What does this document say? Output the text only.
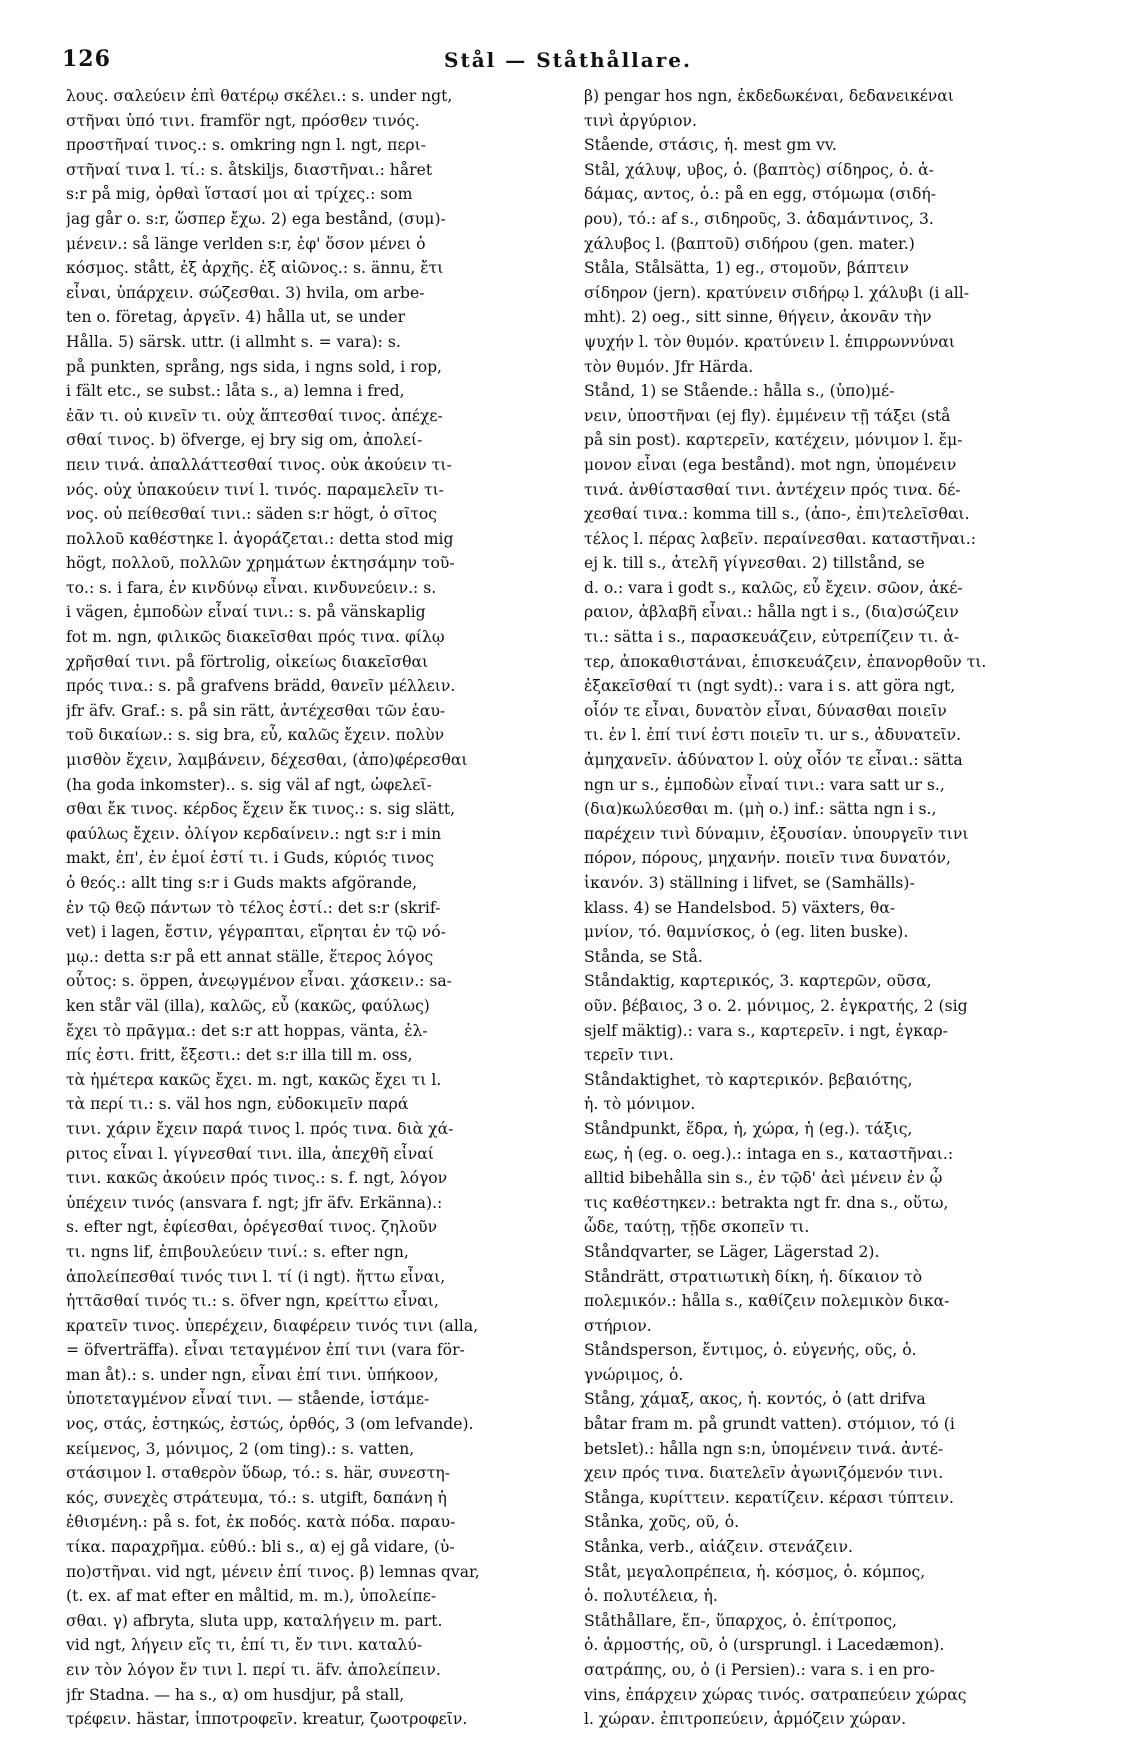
126	Stål — Ståthållare.
λους. σαλεύειν ἐπὶ θατέρῳ σκέλει.: s. under ngt,
στῆναι ὑπό τινι. framför ngt, πρόσθεν τινός.
προστῆναί τινος.: s. omkring ngn l. ngt, περι-
στῆναί τινα l. τί.: s. åtskiljs, διαστῆναι.: håret
s:r på mig, ὀρθαὶ ἵστασί μοι αἱ τρίχες.: som
jag går o. s:r, ὥσπερ ἔχω. 2) ega bestånd, (συμ)-
μένειν.: så länge verlden s:r, ἐφ' ὅσον μένει ὁ
κόσμος. stått, ἐξ ἀρχῆς. ἐξ αἰῶνος.: s. ännu, ἔτι
εἶναι, ὑπάρχειν. σώζεσθαι. 3) hvila, om arbe-
ten o. företag, ἀργεῖν. 4) hålla ut, se under
Hålla. 5) särsk. uttr. (i allmht s. = vara): s.
på punkten, språng, ngs sida, i ngns sold, i rop,
i fält etc., se subst.: låta s., a) lemna i fred,
ἐᾶν τι. οὐ κινεῖν τι. οὐχ ἅπτεσθαί τινος. ἀπέχε-
σθαί τινος. b) öfverge, ej bry sig om, ἀπολεί-
πειν τινά. ἀπαλλάττεσθαί τινος. οὐκ ἀκούειν τι-
νός. οὐχ ὑπακούειν τινί l. τινός. παραμελεῖν τι-
νος. οὐ πείθεσθαί τινι.: säden s:r högt, ὁ σῖτος
πολλοῦ καθέστηκε l. ἀγοράζεται.: detta stod mig
högt, πολλοῦ, πολλῶν χρημάτων ἐκτησάμην τοῦ-
το.: s. i fara, ἐν κινδύνῳ εἶναι. κινδυνεύειν.: s.
i vägen, ἐμποδὼν εἶναί τινι.: s. på vänskaplig
fot m. ngn, φιλικῶς διακεῖσθαι πρός τινα. φίλῳ
χρῆσθαί τινι. på förtrolig, οἰκείως διακεῖσθαι
πρός τινα.: s. på grafvens brädd, θανεῖν μέλλειν.
jfr äfv. Graf.: s. på sin rätt, ἀντέχεσθαι τῶν ἑαυ-
τοῦ δικαίων.: s. sig bra, εὖ, καλῶς ἔχειν. πολὺν
μισθὸν ἔχειν, λαμβάνειν, δέχεσθαι, (ἀπο)φέρεσθαι
(ha goda inkomster).. s. sig väl af ngt, ὠφελεῖ-
σθαι ἔκ τινος. κέρδος ἔχειν ἔκ τινος.: s. sig slätt,
φαύλως ἔχειν. ὀλίγον κερδαίνειν.: ngt s:r i min
makt, ἐπ', ἐν ἐμοί ἐστί τι. i Guds, κύριός τινος
ὁ θεός.: allt ting s:r i Guds makts afgörande,
ἐν τῷ θεῷ πάντων τὸ τέλος ἐστί.: det s:r (skrif-
vet) i lagen, ἔστιν, γέγραπται, εἴρηται ἐν τῷ νό-
μῳ.: detta s:r på ett annat ställe, ἕτερος λόγος
οὗτος: s. öppen, ἀνεῳγμένον εἶναι. χάσκειν.: sa-
ken står väl (illa), καλῶς, εὖ (κακῶς, φαύλως)
ἔχει τὸ πρᾶγμα.: det s:r att hoppas, vänta, ἐλ-
πίς ἐστι. fritt, ἔξεστι.: det s:r illa till m. oss,
τὰ ἡμέτερα κακῶς ἔχει. m. ngt, κακῶς ἔχει τι l.
τὰ περί τι.: s. väl hos ngn, εὐδοκιμεῖν παρά
τινι. χάριν ἔχειν παρά τινος l. πρός τινα. διὰ χά-
ριτος εἶναι l. γίγνεσθαί τινι. illa, ἀπεχθῆ εἶναί
τινι. κακῶς ἀκούειν πρός τινος.: s. f. ngt, λόγον
ὑπέχειν τινός (ansvara f. ngt; jfr äfv. Erkänna).:
s. efter ngt, ἐφίεσθαι, ὀρέγεσθαί τινος. ζηλοῦν
τι. ngns lif, ἐπιβουλεύειν τινί.: s. efter ngn,
ἀπολείπεσθαί τινός τινι l. τί (i ngt). ἥττω εἶναι,
ἡττᾶσθαί τινός τι.: s. öfver ngn, κρείττω εἶναι,
κρατεῖν τινος. ὑπερέχειν, διαφέρειν τινός τινι (alla,
= öfverträffa). εἶναι τεταγμένον ἐπί τινι (vara för-
man åt).: s. under ngn, εἶναι ἐπί τινι. ὑπήκοον,
ὑποτεταγμένον εἶναί τινι. — stående, ἱστάμε-
νος, στάς, ἑστηκώς, ἑστώς, ὀρθός, 3 (om lefvande).
κείμενος, 3, μόνιμος, 2 (om ting).: s. vatten,
στάσιμον l. σταθερὸν ὕδωρ, τό.: s. här, συνεστη-
κός, συνεχὲς στράτευμα, τό.: s. utgift, δαπάνη ἡ
ἐθισμένη.: på s. fot, ἐκ ποδός. κατὰ πόδα. παραυ-
τίκα. παραχρῆμα. εὐθύ.: bli s., α) ej gå vidare, (ὑ-
πο)στῆναι. vid ngt, μένειν ἐπί τινος. β) lemnas qvar,
(t. ex. af mat efter en måltid, m. m.), ὑπολείπε-
σθαι. γ) afbryta, sluta upp, καταλήγειν m. part.
vid ngt, λήγειν εἴς τι, ἐπί τι, ἔν τινι. καταλύ-
ειν τὸν λόγον ἔν τινι l. περί τι. äfv. ἀπολείπειν.
jfr Stadna. — ha s., α) om husdjur, på stall,
τρέφειν. hästar, ἱπποτροφεῖν. kreatur, ζωοτροφεῖν.
β) pengar hos ngn, ἐκδεδωκέναι, δεδανεικέναι
τινὶ ἀργύριον.
Stående, στάσις, ἡ. mest gm vv.
Stål, χάλυψ, υβος, ὁ. (βαπτὸς) σίδηρος, ὁ. ἀ-
δάμας, αντος, ὁ.: på en egg, στόμωμα (σιδή-
ρου), τό.: af s., σιδηροῦς, 3. ἀδαμάντινος, 3.
χάλυβος l. (βαπτοῦ) σιδήρου (gen. mater.)
Ståla, Stålsätta, 1) eg., στομοῦν, βάπτειν
σίδηρον (jern). κρατύνειν σιδήρῳ l. χάλυβι (i all-
mht). 2) oeg., sitt sinne, θήγειν, ἀκονᾶν τὴν
ψυχήν l. τὸν θυμόν. κρατύνειν l. ἐπιρρωννύναι
τὸν θυμόν. Jfr Härda.
Stånd, 1) se Stående.: hålla s., (ὑπο)μέ-
νειν, ὑποστῆναι (ej fly). ἐμμένειν τῇ τάξει (stå
på sin post). καρτερεῖν, κατέχειν, μόνιμον l. ἔμ-
μονον εἶναι (ega bestånd). mot ngn, ὑπομένειν
τινά. ἀνθίστασθαί τινι. ἀντέχειν πρός τινα. δέ-
χεσθαί τινα.: komma till s., (ἀπο-, ἐπι)τελεῖσθαι.
τέλος l. πέρας λαβεῖν. περαίνεσθαι. καταστῆναι.:
ej k. till s., ἀτελῆ γίγνεσθαι. 2) tillstånd, se
d. o.: vara i godt s., καλῶς, εὖ ἔχειν. σῶον, ἀκέ-
ραιον, ἀβλαβῆ εἶναι.: hålla ngt i s., (δια)σώζειν
τι.: sätta i s., παρασκευάζειν, εὐτρεπίζειν τι. ἀ-
τερ, ἀποκαθιστάναι, ἐπισκευάζειν, ἐπανορθοῦν τι.
ἐξακεῖσθαί τι (ngt sydt).: vara i s. att göra ngt,
οἷόν τε εἶναι, δυνατὸν εἶναι, δύνασθαι ποιεῖν
τι. ἐν l. ἐπί τινί ἐστι ποιεῖν τι. ur s., ἀδυνατεῖν.
ἀμηχανεῖν. ἀδύνατον l. οὐχ οἷόν τε εἶναι.: sätta
ngn ur s., ἐμποδὼν εἶναί τινι.: vara satt ur s.,
(δια)κωλύεσθαι m. (μὴ o.) inf.: sätta ngn i s.,
παρέχειν τινὶ δύναμιν, ἐξουσίαν. ὑπουργεῖν τινι
πόρον, πόρους, μηχανήν. ποιεῖν τινα δυνατόν,
ἱκανόν. 3) ställning i lifvet, se (Samhälls)-
klass. 4) se Handelsbod. 5) växters, θα-
μνίον, τό. θαμνίσκος, ὁ (eg. liten buske).
Stånda, se Stå.
Ståndaktig, καρτερικός, 3. καρτερῶν, οῦσα,
οῦν. βέβαιος, 3 o. 2. μόνιμος, 2. ἐγκρατής, 2 (sig
sjelf mäktig).: vara s., καρτερεῖν. i ngt, ἐγκαρ-
τερεῖν τινι.
Ståndaktighet, τὸ καρτερικόν. βεβαιότης,
ἡ. τὸ μόνιμον.
Ståndpunkt, ἕδρα, ἡ, χώρα, ἡ (eg.). τάξις,
εως, ἡ (eg. o. oeg.).: intaga en s., καταστῆναι.:
alltid bibehålla sin s., ἐν τῷδ' ἀεὶ μένειν ἐν ᾧ
τις καθέστηκεν.: betrakta ngt fr. dna s., οὕτω,
ὧδε, ταύτῃ, τῇδε σκοπεῖν τι.
Ståndqvarter, se Läger, Lägerstad 2).
Ståndrätt, στρατιωτικὴ δίκη, ἡ. δίκαιον τὸ
πολεμικόν.: hålla s., καθίζειν πολεμικὸν δικα-
στήριον.
Ståndsperson, ἔντιμος, ὁ. εὐγενής, οῦς, ὁ.
γνώριμος, ὁ.
Stång, χάμαξ, ακος, ἡ. κοντός, ὁ (att drifva
båtar fram m. på grundt vatten). στόμιον, τό (i
betslet).: hålla ngn s:n, ὑπομένειν τινά. ἀντέ-
χειν πρός τινα. διατελεῖν ἀγωνιζόμενόν τινι.
Stånga, κυρίττειν. κερατίζειν. κέρασι τύπτειν.
Stånka, χοῦς, οῦ, ὁ.
Stånka, verb., αἰάζειν. στενάζειν.
Ståt, μεγαλοπρέπεια, ἡ. κόσμος, ὁ. κόμπος,
ὁ. πολυτέλεια, ἡ.
Ståthållare, ἔπ-, ὕπαρχος, ὁ. ἐπίτροπος,
ὁ. ἁρμοστής, οῦ, ὁ (ursprungl. i Lacedæmon).
σατράπης, ου, ὁ (i Persien).: vara s. i en pro-
vins, ἐπάρχειν χώρας τινός. σατραπεύειν χώρας
l. χώραν. ἐπιτροπεύειν, ἁρμόζειν χώραν.
